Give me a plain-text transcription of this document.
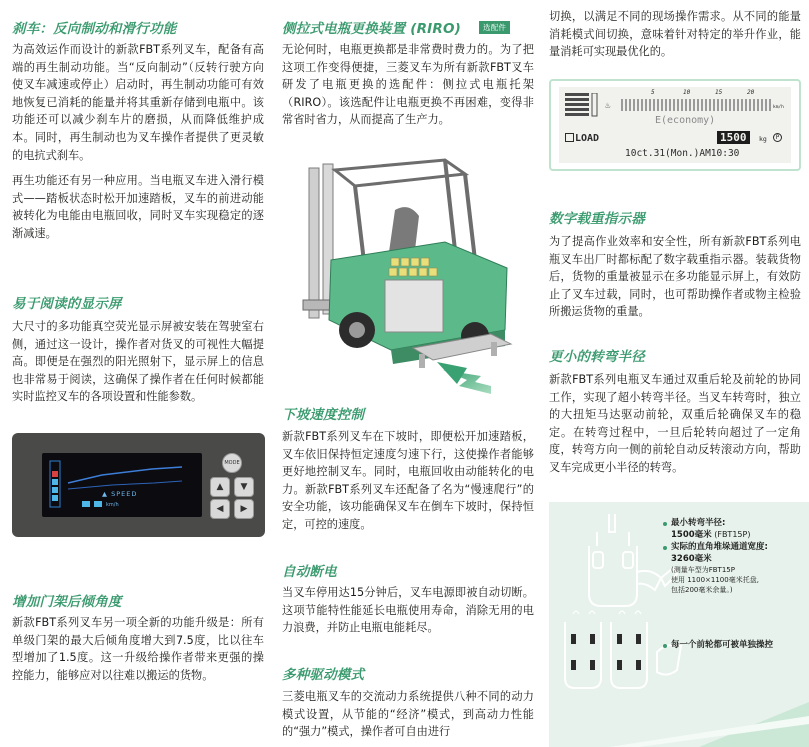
刹车：反向制动和滑行功能
为高效运作而设计的新款FBT系列叉车，配备有高端的再生制动功能。当“反向制动”（反转行驶方向使叉车减速或停止）启动时，再生制动功能可有效地恢复已消耗的能量并将其重新存储到电瓶中。该功能还可以减少刹车片的磨损，从而降低维护成本。同时，再生制动也为叉车操作者提供了更灵敏的电抗式刹车。
再生功能还有另一种应用。当电瓶叉车进入滑行模式——踏板状态时松开加速踏板，叉车的前进动能被转化为电能由电瓶回收，同时叉车实现稳定的逐渐减速。
易于阅读的显示屏
大尺寸的多功能真空荧光显示屏被安装在驾驶室右侧，通过这一设计，操作者对货叉的可视性大幅提高。即便是在强烈的阳光照射下，显示屏上的信息也非常易于阅读，这确保了操作者在任何时候都能实时监控叉车的各项设置和性能参数。
▲ SPEED
km/h
MODE
▲ ▼
◀ ▶
增加门架后倾角度
新款FBT系列叉车另一项全新的功能升级是：所有单级门架的最大后倾角度增大到7.5度，比以往车型增加了1.5度。这一升级给操作者带来更强的操控能力，能够应对以往难以搬运的货物。
侧拉式电瓶更换装置 (RIRO)	选配件
无论何时，电瓶更换都是非常费时费力的。为了把这项工作变得便捷，三菱叉车为所有新款FBT叉车研发了电瓶更换的选配件：侧拉式电瓶托架（RIRO）。该选配件让电瓶更换不再困难，变得非常省时省力，从而提高了生产力。
下坡速度控制
新款FBT系列叉车在下坡时，即便松开加速踏板，叉车依旧保持恒定速度匀速下行，这使操作者能够更好地控制叉车。同时，电瓶回收由动能转化的电力。新款FBT系列叉车还配备了名为“慢速爬行”的安全功能，该功能确保叉车在倒车下坡时，保持恒定，可控的速度。
自动断电
当叉车停用达15分钟后，叉车电源即被自动切断。这项节能特性能延长电瓶使用寿命，消除无用的电力浪费，并防止电瓶电能耗尽。
多种驱动模式
三菱电瓶叉车的交流动力系统提供八种不同的动力模式设置，从节能的“经济”模式，到高动力性能的“强力”模式，操作者可自由进行
切换，以满足不同的现场操作需求。从不同的能量消耗模式间切换，意味着针对特定的举升作业，能量消耗可实现最优化的。
♨
5	10	15	20
km/h
E(economy)
LOAD	1500	kg	P
10ct.31(Mon.)AM10:30
数字载重指示器
为了提高作业效率和安全性，所有新款FBT系列电瓶叉车出厂时都标配了数字载重指示器。装载货物后，货物的重量被显示在多功能显示屏上，有效防止了叉车过载，同时，也可帮助操作者或物主检验所搬运货物的重量。
更小的转弯半径
新款FBT系列电瓶叉车通过双重后轮及前轮的协同工作，实现了超小转弯半径。当叉车转弯时，独立的大扭矩马达驱动前轮，双重后轮确保叉车的稳定。在转弯过程中，一旦后轮转向超过了一定角度，转弯方向一侧的前轮自动反转滚动方向，帮助叉车完成更小半径的转弯。
最小转弯半径:
1500毫米 (FBT15P)
实际的直角堆垛通道宽度:
3260毫米
(测量车型为FBT15P
使用 1100×1100毫米托盘,
包括200毫米余量。)
每一个前轮都可被单独操控
